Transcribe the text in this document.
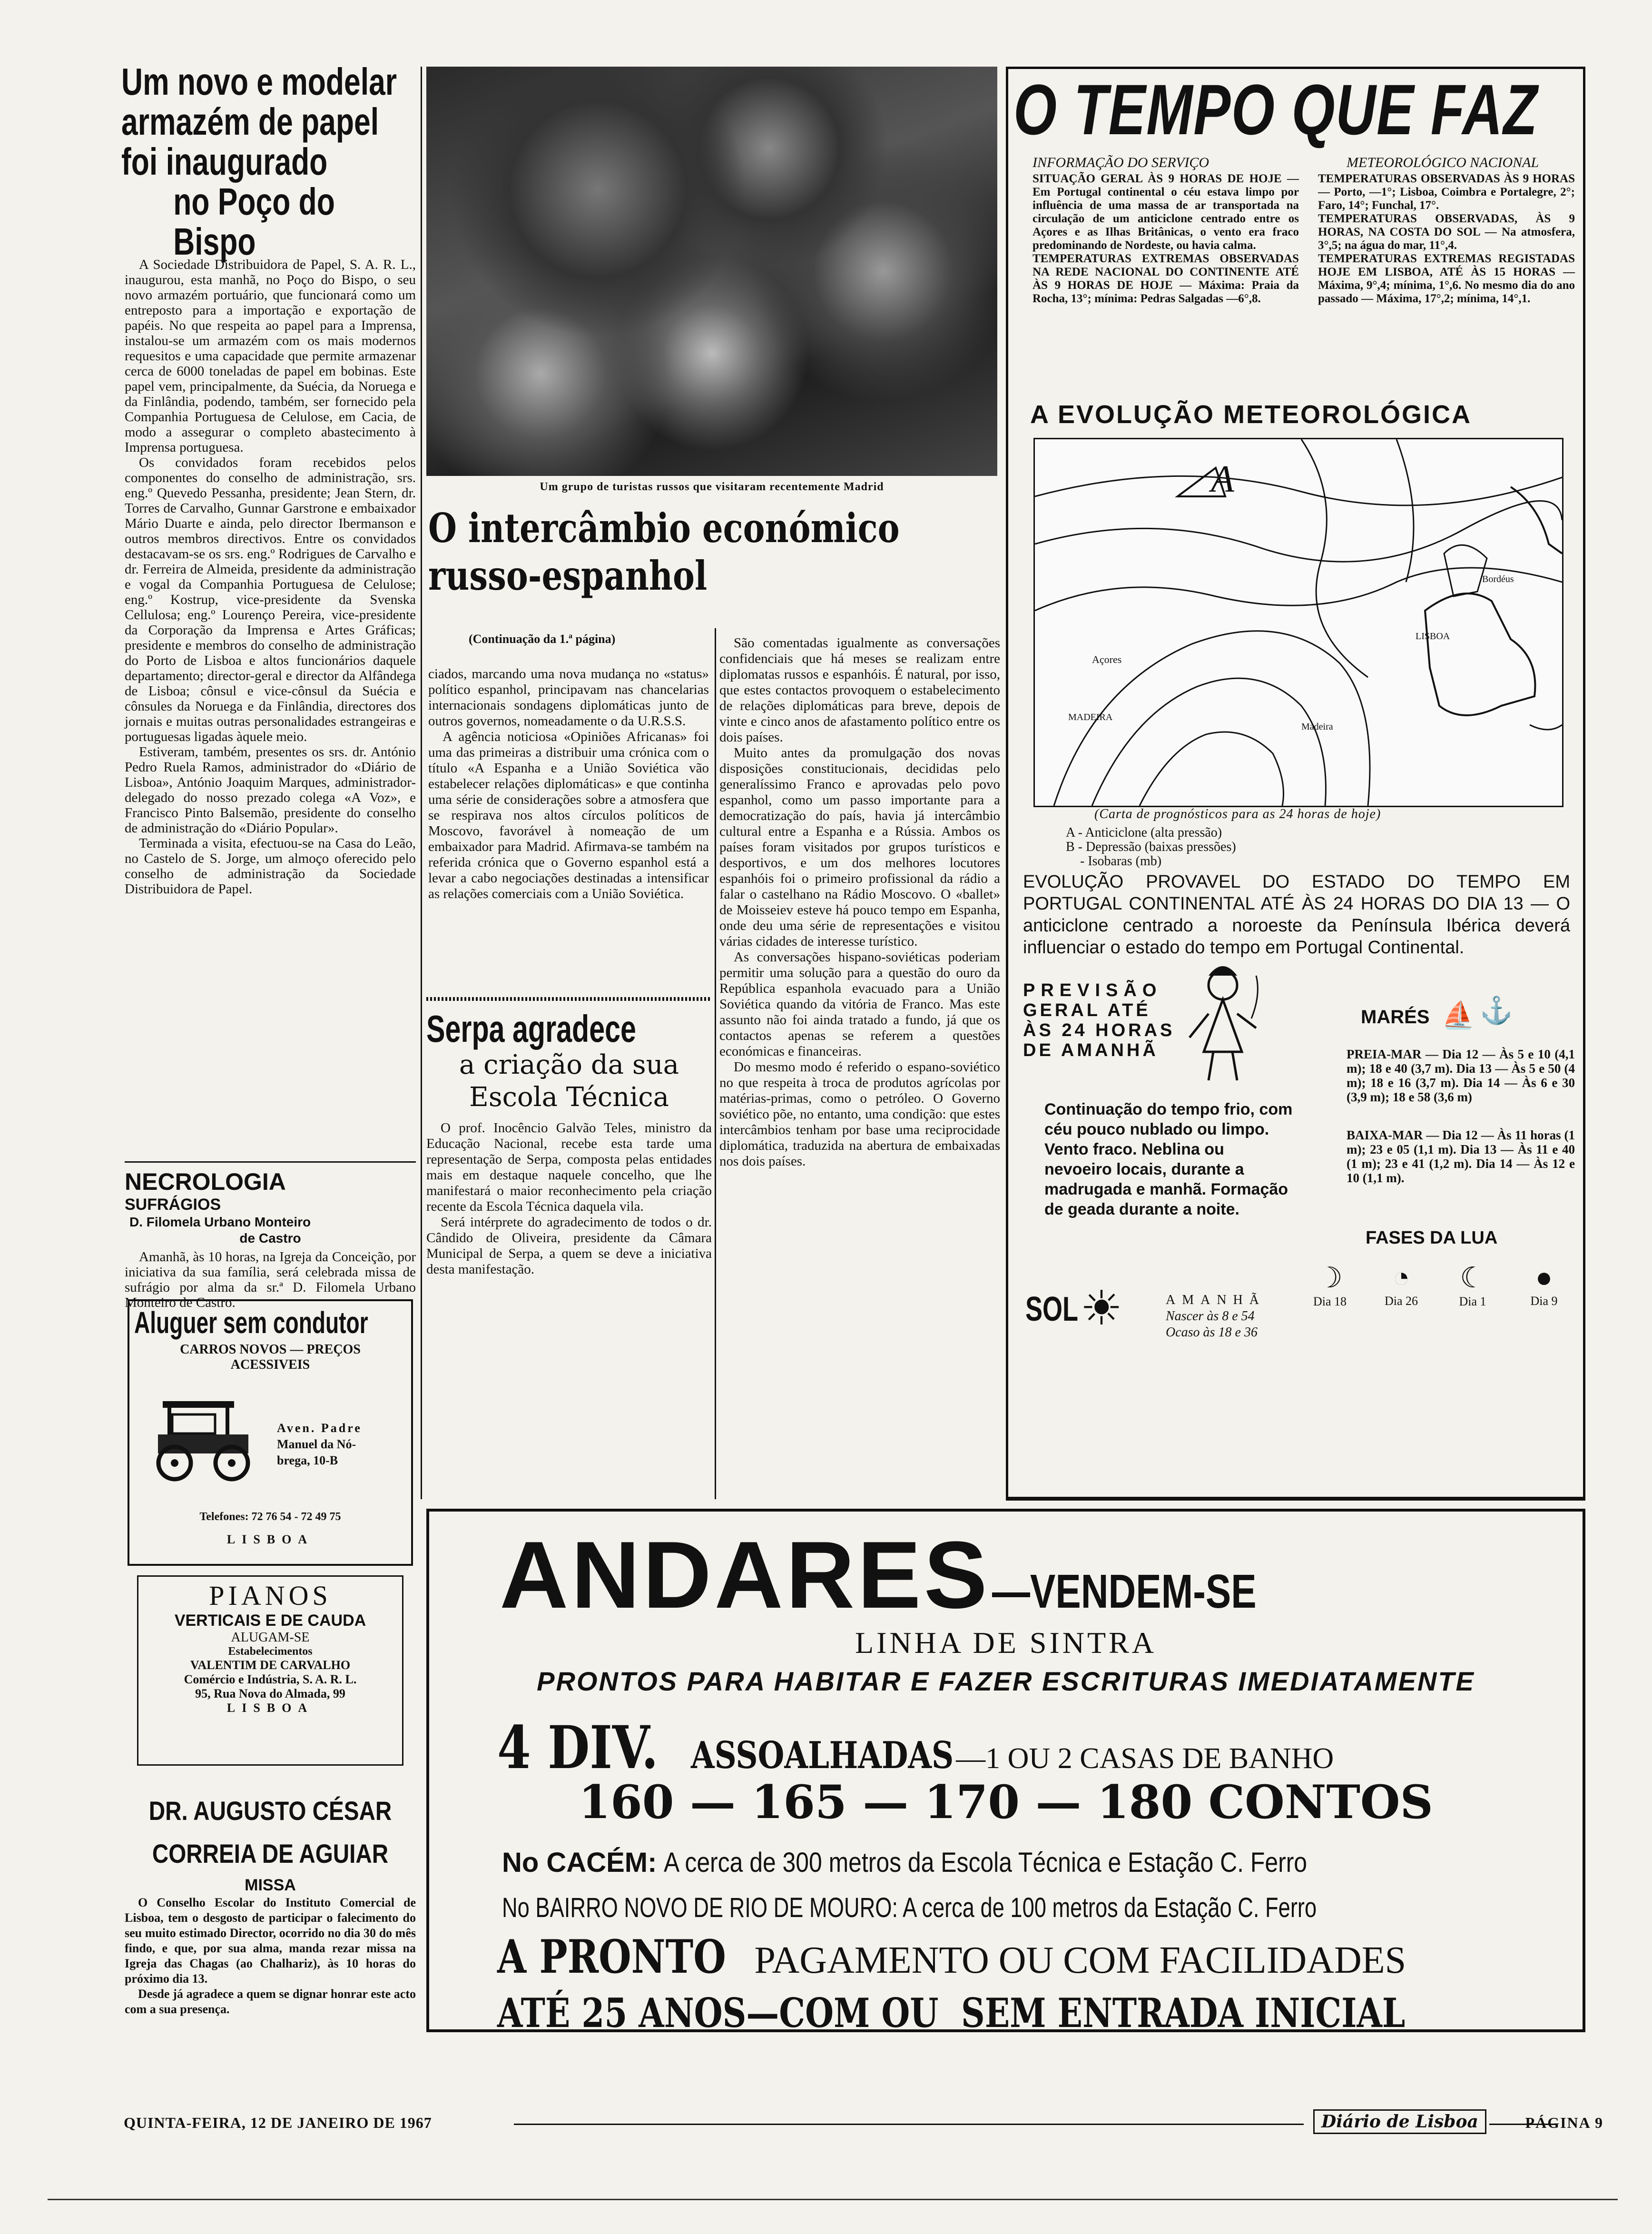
Um novo e modelar
armazém de papel
foi inaugurado
no Poço do Bispo

A Sociedade Distribuidora de Papel, S. A. R. L., inaugurou, esta manhã, no Poço do Bispo, o seu novo armazém portuário, que funcionará como um entreposto para a importação e exportação de papéis. No que respeita ao papel para a Imprensa, instalou-se um armazém com os mais modernos requesitos e uma capacidade que permite armazenar cerca de 6000 toneladas de papel em bobinas. Este papel vem, principalmente, da Suécia, da Noruega e da Finlândia, podendo, também, ser fornecido pela Companhia Portuguesa de Celulose, em Cacia, de modo a assegurar o completo abastecimento à Imprensa portuguesa.

Os convidados foram recebidos pelos componentes do conselho de administração, srs. eng.º Quevedo Pessanha, presidente; Jean Stern, dr. Torres de Carvalho, Gunnar Garstrone e embaixador Mário Duarte e ainda, pelo director Ibermanson e outros membros directivos. Entre os convidados destacavam-se os srs. eng.º Rodrigues de Carvalho e dr. Ferreira de Almeida, presidente da administração e vogal da Companhia Portuguesa de Celulose; eng.º Kostrup, vice-presidente da Svenska Cellulosa; eng.º Lourenço Pereira, vice-presidente da Corporação da Imprensa e Artes Gráficas; presidente e membros do conselho de administração do Porto de Lisboa e altos funcionários daquele departamento; director-geral e director da Alfândega de Lisboa; cônsul e vice-cônsul da Suécia e cônsules da Noruega e da Finlândia, directores dos jornais e muitas outras personalidades estrangeiras e portuguesas ligadas àquele meio.

Estiveram, também, presentes os srs. dr. António Pedro Ruela Ramos, administrador do «Diário de Lisboa», António Joaquim Marques, administrador-delegado do nosso prezado colega «A Voz», e Francisco Pinto Balsemão, presidente do conselho de administração do «Diário Popular».

Terminada a visita, efectuou-se na Casa do Leão, no Castelo de S. Jorge, um almoço oferecido pelo conselho de administração da Sociedade Distribuidora de Papel.

NECROLOGIA
SUFRÁGIOS
D. Filomela Urbano Monteiro
de Castro
Amanhã, às 10 horas, na Igreja da Conceição, por iniciativa da sua família, será celebrada missa de sufrágio por alma da sr.ª D. Filomela Urbano Monteiro de Castro.
Aluguer sem condutor
CARROS NOVOS — PREÇOS
ACESSIVEIS
Aven. Padre
Manuel da Nó-
brega, 10-B
Telefones: 72 76 54 - 72 49 75
LISBOA
PIANOS
VERTICAIS E DE CAUDA
ALUGAM-SE
Estabelecimentos
VALENTIM DE CARVALHO
Comércio e Indústria, S. A. R. L.
95, Rua Nova do Almada, 99
LISBOA
DR. AUGUSTO CÉSAR
CORREIA DE AGUIAR
MISSA
O Conselho Escolar do Instituto Comercial de Lisboa, tem o desgosto de participar o falecimento do seu muito estimado Director, ocorrido no dia 30 do mês findo, e que, por sua alma, manda rezar missa na Igreja das Chagas (ao Chalhariz), às 10 horas do próximo dia 13.
Desde já agradece a quem se dignar honrar este acto com a sua presença.
Um grupo de turistas russos que visitaram recentemente Madrid
O intercâmbio económico
russo-espanhol
(Continuação da 1.ª página)

ciados, marcando uma nova mudança no «status» político espanhol, principavam nas chancelarias internacionais sondagens diplomáticas junto de outros governos, nomeadamente o da U.R.S.S.

A agência noticiosa «Opiniões Africanas» foi uma das primeiras a distribuir uma crónica com o título «A Espanha e a União Soviética vão estabelecer relações diplomáticas» e que continha uma série de considerações sobre a atmosfera que se respirava nos altos círculos políticos de Moscovo, favorável à nomeação de um embaixador para Madrid. Afirmava-se também na referida crónica que o Governo espanhol está a levar a cabo negociações destinadas a intensificar as relações comerciais com a União Soviética.

São comentadas igualmente as conversações confidenciais que há meses se realizam entre diplomatas russos e espanhóis. É natural, por isso, que estes contactos provoquem o estabelecimento de relações diplomáticas para breve, depois de vinte e cinco anos de afastamento político entre os dois países.

Muito antes da promulgação dos novas disposições constitucionais, decididas pelo generalíssimo Franco e aprovadas pelo povo espanhol, como um passo importante para a democratização do país, havia já intercâmbio cultural entre a Espanha e a Rússia. Ambos os países foram visitados por grupos turísticos e desportivos, e um dos melhores locutores espanhóis foi o primeiro profissional da rádio a falar o castelhano na Rádio Moscovo. O «ballet» de Moisseiev esteve há pouco tempo em Espanha, onde deu uma série de representações e visitou várias cidades de interesse turístico.

As conversações hispano-soviéticas poderiam permitir uma solução para a questão do ouro da República espanhola evacuado para a União Soviética quando da vitória de Franco. Mas este assunto não foi ainda tratado a fundo, já que os contactos apenas se referem a questões económicas e financeiras.

Do mesmo modo é referido o espano-soviético no que respeita à troca de produtos agrícolas por matérias-primas, como o petróleo. O Governo soviético põe, no entanto, uma condição: que estes intercâmbios tenham por base uma reciprocidade diplomática, traduzida na abertura de embaixadas nos dois países.

Serpa agradece
a criação da sua
Escola Técnica

O prof. Inocêncio Galvão Teles, ministro da Educação Nacional, recebe esta tarde uma representação de Serpa, composta pelas entidades mais em destaque naquele concelho, que lhe manifestará o maior reconhecimento pela criação recente da Escola Técnica daquela vila.

Será intérprete do agradecimento de todos o dr. Cândido de Oliveira, presidente da Câmara Municipal de Serpa, a quem se deve a iniciativa desta manifestação.

O TEMPO QUE FAZ
INFORMAÇÃO DO SERVIÇO	METEOROLÓGICO NACIONAL

SITUAÇÃO GERAL ÀS 9 HORAS DE HOJE — Em Portugal continental o céu estava limpo por influência de uma massa de ar transportada na circulação de um anticiclone centrado entre os Açores e as Ilhas Britânicas, o vento era fraco predominando de Nordeste, ou havia calma.

TEMPERATURAS EXTREMAS OBSERVADAS NA REDE NACIONAL DO CONTINENTE ATÉ ÀS 9 HORAS DE HOJE — Máxima: Praia da Rocha, 13°; mínima: Pedras Salgadas —6°,8.

TEMPERATURAS OBSERVADAS ÀS 9 HORAS — Porto, —1°; Lisboa, Coimbra e Portalegre, 2°; Faro, 14°; Funchal, 17°.

TEMPERATURAS OBSERVADAS, ÀS 9 HORAS, NA COSTA DO SOL — Na atmosfera, 3°,5; na água do mar, 11°,4.

TEMPERATURAS EXTREMAS REGISTADAS HOJE EM LISBOA, ATÉ ÀS 15 HORAS — Máxima, 9°,4; mínima, 1°,6. No mesmo dia do ano passado — Máxima, 17°,2; mínima, 14°,1.

A EVOLUÇÃO METEOROLÓGICA
A
Açores
Madeira
MADEIRA
LISBOA
Bordéus
(Carta de prognósticos para as 24 horas de hoje)
A - Anticiclone (alta pressão)
B - Depressão (baixas pressões)
- Isobaras (mb)
EVOLUÇÃO PROVAVEL DO ESTADO DO TEMPO EM PORTUGAL CONTINENTAL ATÉ ÀS 24 HORAS DO DIA 13 — O anticiclone centrado a noroeste da Península Ibérica deverá influenciar o estado do tempo em Portugal Continental.
PREVISÃO
GERAL ATÉ
ÀS 24 HORAS
DE AMANHÃ
Continuação do tempo frio, com céu pouco nublado ou limpo. Vento fraco. Neblina ou nevoeiro locais, durante a madrugada e manhã. Formação de geada durante a noite.
SOL ☀	AMANHÃ
Nascer às 8 e 54
Ocaso às 18 e 36
MARÉS ⛵ ⚓
PREIA-MAR — Dia 12 — Às 5 e 10 (4,1 m); 18 e 40 (3,7 m). Dia 13 — Às 5 e 50 (4 m); 18 e 16 (3,7 m). Dia 14 — Às 6 e 30 (3,9 m); 18 e 58 (3,6 m)
BAIXA-MAR — Dia 12 — Às 11 horas (1 m); 23 e 05 (1,1 m). Dia 13 — Às 11 e 40 (1 m); 23 e 41 (1,2 m). Dia 14 — Às 12 e 10 (1,1 m).
FASES DA LUA
☽
Dia 18
◔
Dia 26
☾
Dia 1
●
Dia 9
ANDARES —VENDEM-SE
LINHA DE SINTRA
PRONTOS PARA HABITAR E FAZER ESCRITURAS IMEDIATAMENTE
4 DIV. ASSOALHADAS —1 OU 2 CASAS DE BANHO
160 — 165 — 170 — 180 CONTOS
No CACÉM: A cerca de 300 metros da Escola Técnica e Estação C. Ferro
No BAIRRO NOVO DE RIO DE MOURO: A cerca de 100 metros da Estação C. Ferro
A PRONTO PAGAMENTO OU COM FACILIDADES
ATÉ 25 ANOS—COM OU SEM ENTRADA INICIAL
QUINTA-FEIRA, 12 DE JANEIRO DE 1967	Diário de Lisboa	PÁGINA 9
